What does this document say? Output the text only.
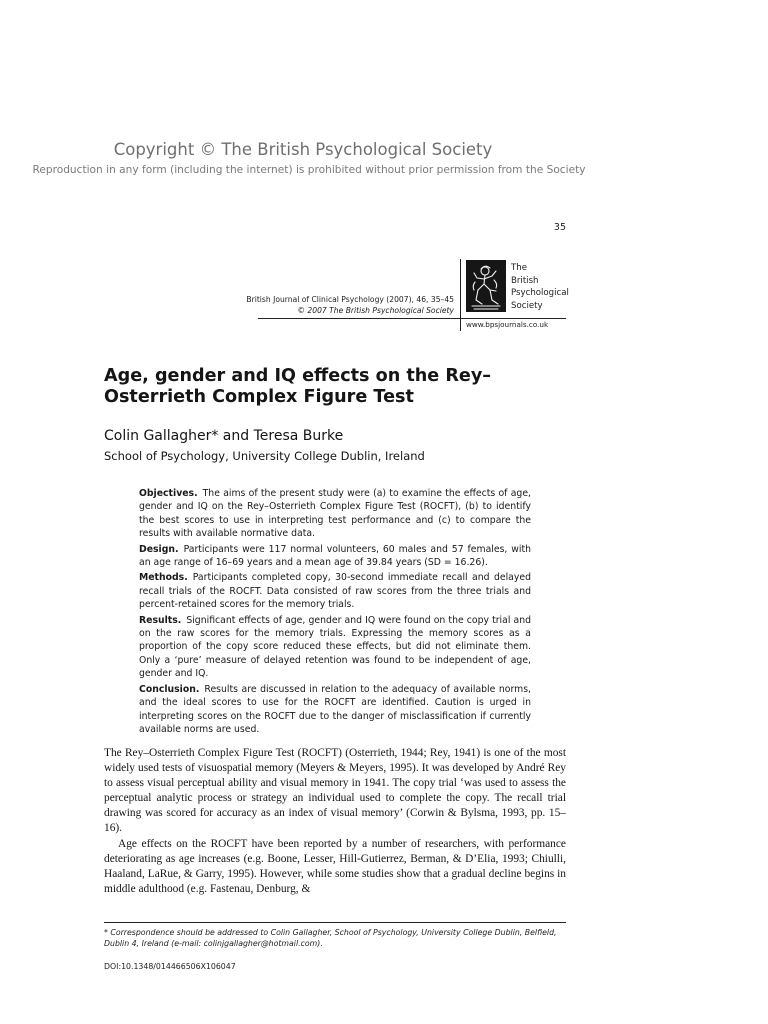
Copyright © The British Psychological Society
Reproduction in any form (including the internet) is prohibited without prior permission from the Society
35
British Journal of Clinical Psychology (2007), 46, 35–45
© 2007 The British Psychological Society
The
British
Psychological
Society
www.bpsjournals.co.uk
Age, gender and IQ effects on the Rey–Osterrieth Complex Figure Test
Colin Gallagher* and Teresa Burke
School of Psychology, University College Dublin, Ireland

Objectives. The aims of the present study were (a) to examine the effects of age, gender and IQ on the Rey–Osterrieth Complex Figure Test (ROCFT), (b) to identify the best scores to use in interpreting test performance and (c) to compare the results with available normative data.

Design. Participants were 117 normal volunteers, 60 males and 57 females, with an age range of 16–69 years and a mean age of 39.84 years (SD = 16.26).

Methods. Participants completed copy, 30-second immediate recall and delayed recall trials of the ROCFT. Data consisted of raw scores from the three trials and percent-retained scores for the memory trials.

Results. Significant effects of age, gender and IQ were found on the copy trial and on the raw scores for the memory trials. Expressing the memory scores as a proportion of the copy score reduced these effects, but did not eliminate them. Only a ‘pure’ measure of delayed retention was found to be independent of age, gender and IQ.

Conclusion. Results are discussed in relation to the adequacy of available norms, and the ideal scores to use for the ROCFT are identified. Caution is urged in interpreting scores on the ROCFT due to the danger of misclassification if currently available norms are used.

The Rey–Osterrieth Complex Figure Test (ROCFT) (Osterrieth, 1944; Rey, 1941) is one of the most widely used tests of visuospatial memory (Meyers & Meyers, 1995). It was developed by André Rey to assess visual perceptual ability and visual memory in 1941. The copy trial ‘was used to assess the perceptual analytic process or strategy an individual used to complete the copy. The recall trial drawing was scored for accuracy as an index of visual memory’ (Corwin & Bylsma, 1993, pp. 15–16).

Age effects on the ROCFT have been reported by a number of researchers, with performance deteriorating as age increases (e.g. Boone, Lesser, Hill-Gutierrez, Berman, & D’Elia, 1993; Chiulli, Haaland, LaRue, & Garry, 1995). However, while some studies show that a gradual decline begins in middle adulthood (e.g. Fastenau, Denburg, &

* Correspondence should be addressed to Colin Gallagher, School of Psychology, University College Dublin, Belfield, Dublin 4, Ireland (e-mail: colinjgallagher@hotmail.com).
DOI:10.1348/014466506X106047
